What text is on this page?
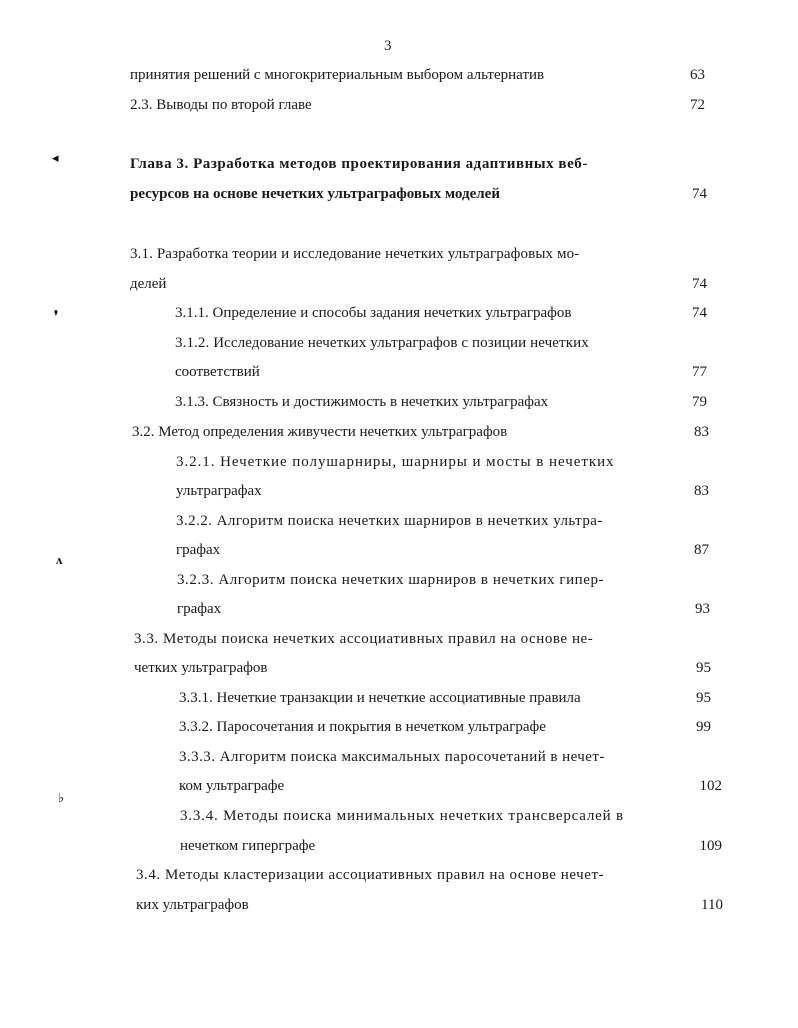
3
◂
❜
ʌ
♭
принятия решений с многокритериальным выбором альтернатив	63
2.3. Выводы по второй главе	72
Глава 3. Разработка методов проектирования адаптивных веб-
ресурсов на основе нечетких ультраграфовых моделей	74
3.1. Разработка теории и исследование нечетких ультраграфовых мо-
делей	74
3.1.1. Определение и способы задания нечетких ультраграфов	74
3.1.2. Исследование нечетких ультраграфов с позиции нечетких
соответствий	77
3.1.3. Связность и достижимость в нечетких ультраграфах	79
3.2. Метод определения живучести нечетких ультраграфов	83
3.2.1. Нечеткие полушарниры, шарниры и мосты в нечетких
ультраграфах	83
3.2.2. Алгоритм поиска нечетких шарниров в нечетких ультра-
графах	87
3.2.3. Алгоритм поиска нечетких шарниров в нечетких гипер-
графах	93
3.3. Методы поиска нечетких ассоциативных правил на основе не-
четких ультраграфов	95
3.3.1. Нечеткие транзакции и нечеткие ассоциативные правила	95
3.3.2. Паросочетания и покрытия в нечетком ультраграфе	99
3.3.3. Алгоритм поиска максимальных паросочетаний в нечет-
ком ультраграфе	102
3.3.4. Методы поиска минимальных нечетких трансверсалей в
нечетком гиперграфе	109
3.4. Методы кластеризации ассоциативных правил на основе нечет-
ких ультраграфов	110
